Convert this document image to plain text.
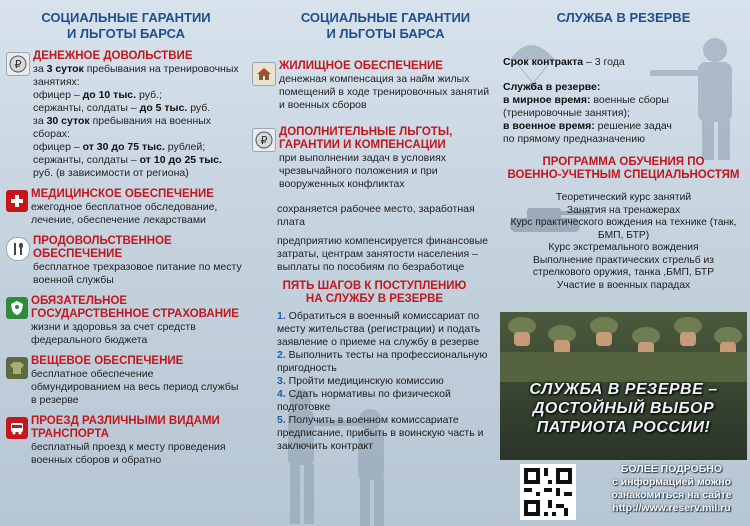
СОЦИАЛЬНЫЕ ГАРАНТИИ
И ЛЬГОТЫ БАРСА
₽
ДЕНЕЖНОЕ ДОВОЛЬСТВИЕ

за 3 суток пребывания на тренировочных занятиях:

офицер – до 10 тыс. руб.;

сержанты, солдаты – до 5 тыс. руб.

за 30 суток пребывания на военных сборах:

офицер – от 30 до 75 тыс. рублей;

сержанты, солдаты – от 10 до 25 тыс.

руб. (в зависимости от региона)

МЕДИЦИНСКОЕ ОБЕСПЕЧЕНИЕ
ежегодное бесплатное обследование, лечение, обеспечение лекарствами
ПРОДОВОЛЬСТВЕННОЕ ОБЕСПЕЧЕНИЕ
бесплатное трехразовое питание по месту военной службы
ОБЯЗАТЕЛЬНОЕ ГОСУДАРСТВЕННОЕ СТРАХОВАНИЕ
жизни и здоровья за счет средств федерального бюджета
ВЕЩЕВОЕ ОБЕСПЕЧЕНИЕ
бесплатное обеспечение обмундированием на весь период службы в резерве
ПРОЕЗД РАЗЛИЧНЫМИ ВИДАМИ ТРАНСПОРТА
бесплатный проезд к месту проведения военных сборов и обратно
СОЦИАЛЬНЫЕ ГАРАНТИИ
И ЛЬГОТЫ БАРСА
ЖИЛИЩНОЕ ОБЕСПЕЧЕНИЕ
денежная компенсация за найм жилых помещений в ходе тренировочных занятий и военных сборов
₽
ДОПОЛНИТЕЛЬНЫЕ ЛЬГОТЫ, ГАРАНТИИ И КОМПЕНСАЦИИ
при выполнении задач в условиях чрезвычайного положения и при вооруженных конфликтах
сохраняется рабочее место, заработная плата
предприятию компенсируется финансовые затраты, центрам занятости населения – выплаты по пособиям по безработице
ПЯТЬ ШАГОВ К ПОСТУПЛЕНИЮ
НА СЛУЖБУ В РЕЗЕРВЕ

1. Обратиться в военный комиссариат по месту жительства (регистрации) и подать заявление о приеме на службу в резерве

2. Выполнить тесты на профессиональную пригодность

3. Пройти медицинскую комиссию

4. Сдать нормативы по физической подготовке

5. Получить в военном комиссариате предписание, прибыть в воинскую часть и заключить контракт

СЛУЖБА В РЕЗЕРВЕ
Срок контракта – 3 года

Служба в резерве:

в мирное время: военные сборы (тренировочные занятия);

в военное время: решение задач по прямому предназначению

ПРОГРАММА ОБУЧЕНИЯ ПО
ВОЕННО-УЧЕТНЫМ СПЕЦИАЛЬНОСТЯМ

Теоретический курс занятий

Занятия на тренажерах

Курс практического вождения на технике (танк, БМП, БТР)

Курс экстремального вождения

Выполнение практических стрельб из стрелкового оружия, танка ,БМП, БТР

Участие в военных парадах

СЛУЖБА В РЕЗЕРВЕ –
ДОСТОЙНЫЙ ВЫБОР
ПАТРИОТА РОССИИ!
БОЛЕЕ ПОДРОБНО
с информацией можно
ознакомиться на сайте
http://www.reserv.mil.ru
